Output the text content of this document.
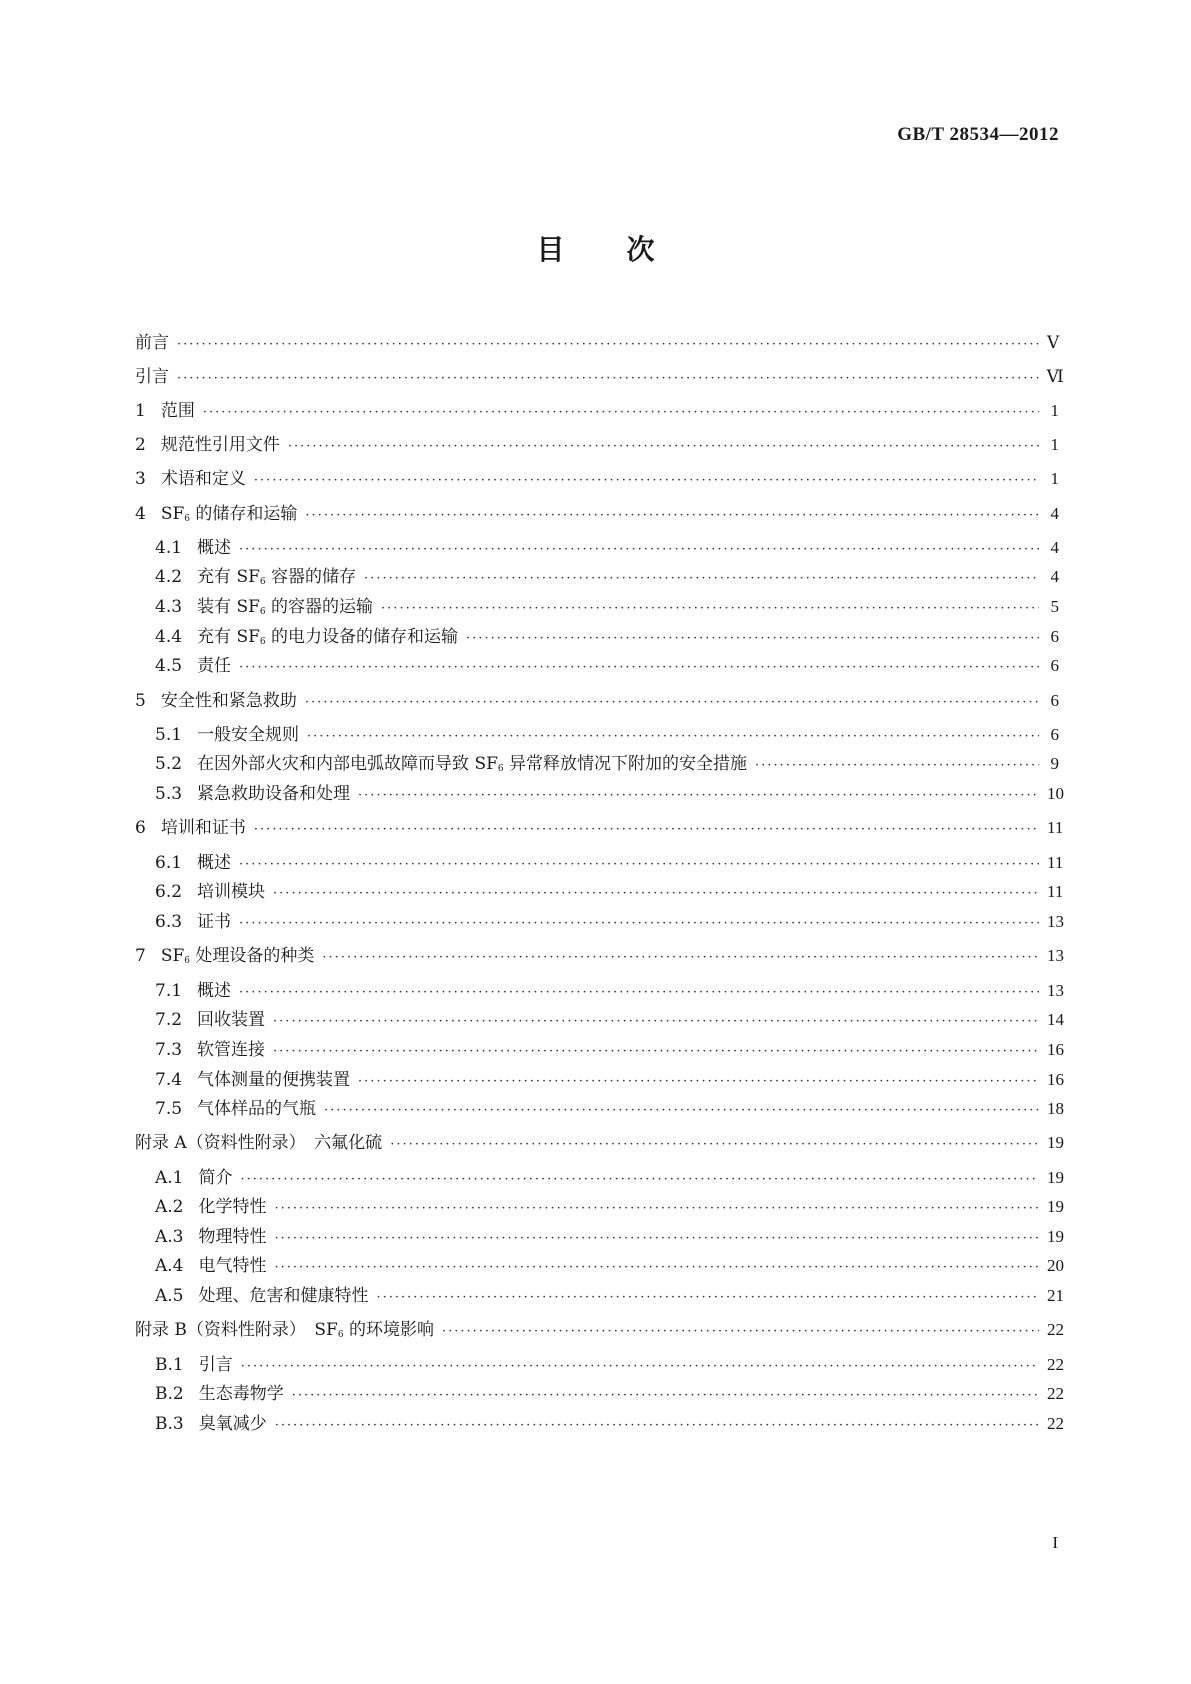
GB/T 28534—2012
目次
前言 ·····	Ⅴ
引言 ·····	Ⅵ
1 范围 ·····	1
2 规范性引用文件 ·····	1
3 术语和定义 ·····	1
4 $SF_6$ 的储存和运输 ·····	4
4.1 概述 ·····	4
4.2 充有 $SF_6$ 容器的储存 ·····	4
4.3 装有 $SF_6$ 的容器的运输 ·····	5
4.4 充有 $SF_6$ 的电力设备的储存和运输 ·····	6
4.5 责任 ·····	6
5 安全性和紧急救助 ·····	6
5.1 一般安全规则 ·····	6
5.2 在因外部火灾和内部电弧故障而导致 $SF_6$ 异常释放情况下附加的安全措施 ·····	9
5.3 紧急救助设备和处理 ·····	10
6 培训和证书 ·····	11
6.1 概述 ·····	11
6.2 培训模块 ·····	11
6.3 证书 ·····	13
7 $SF_6$ 处理设备的种类 ·····	13
7.1 概述 ·····	13
7.2 回收装置 ·····	14
7.3 软管连接 ·····	16
7.4 气体测量的便携装置 ·····	16
7.5 气体样品的气瓶 ·····	18
附录 A（资料性附录）　六氟化硫 ·····	19
A.1 简介 ·····	19
A.2 化学特性 ·····	19
A.3 物理特性 ·····	19
A.4 电气特性 ·····	20
A.5 处理、危害和健康特性 ·····	21
附录 B（资料性附录）　$SF_6$ 的环境影响 ·····	22
B.1 引言 ·····	22
B.2 生态毒物学 ·····	22
B.3 臭氧减少 ·····	22
I
